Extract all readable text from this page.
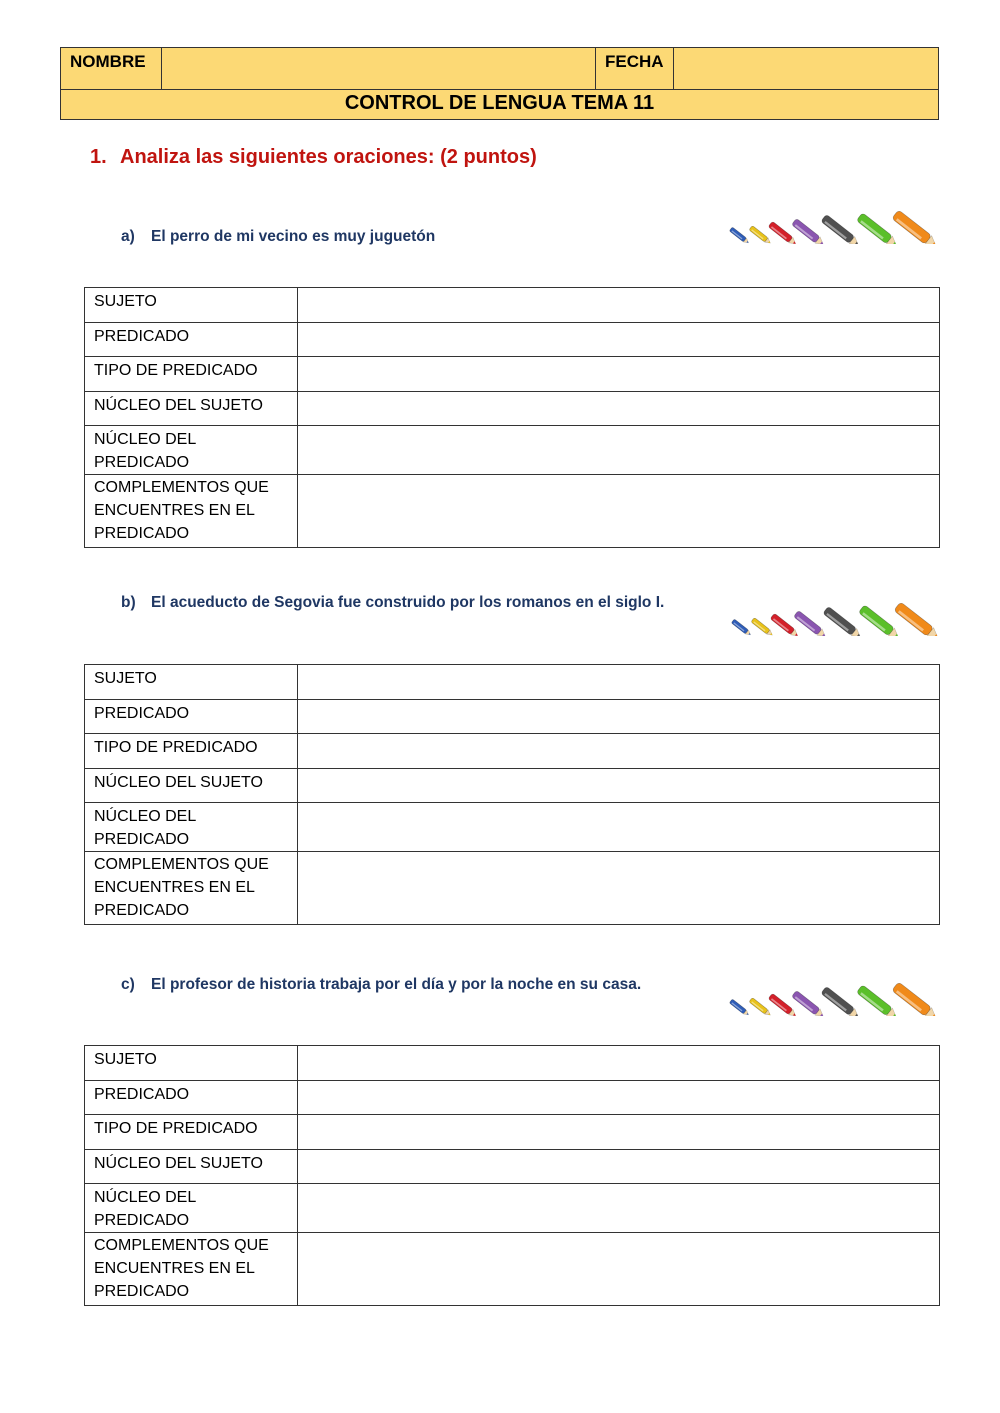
NOMBRE		FECHA	
CONTROL DE LENGUA TEMA 11
1. Analiza las siguientes oraciones: (2 puntos)
a) El perro de mi vecino es muy juguetón
SUJETO	
PREDICADO	
TIPO DE PREDICADO	
NÚCLEO DEL SUJETO	
NÚCLEO DEL PREDICADO	

COMPLEMENTOS QUE
ENCUENTRES EN EL
PREDICADO	

b) El acueducto de Segovia fue construido por los romanos en el siglo I.
SUJETO	
PREDICADO	
TIPO DE PREDICADO	
NÚCLEO DEL SUJETO	
NÚCLEO DEL PREDICADO	

COMPLEMENTOS QUE
ENCUENTRES EN EL
PREDICADO	

c) El profesor de historia trabaja por el día y por la noche en su casa.
SUJETO	
PREDICADO	
TIPO DE PREDICADO	
NÚCLEO DEL SUJETO	
NÚCLEO DEL PREDICADO	

COMPLEMENTOS QUE
ENCUENTRES EN EL
PREDICADO	
